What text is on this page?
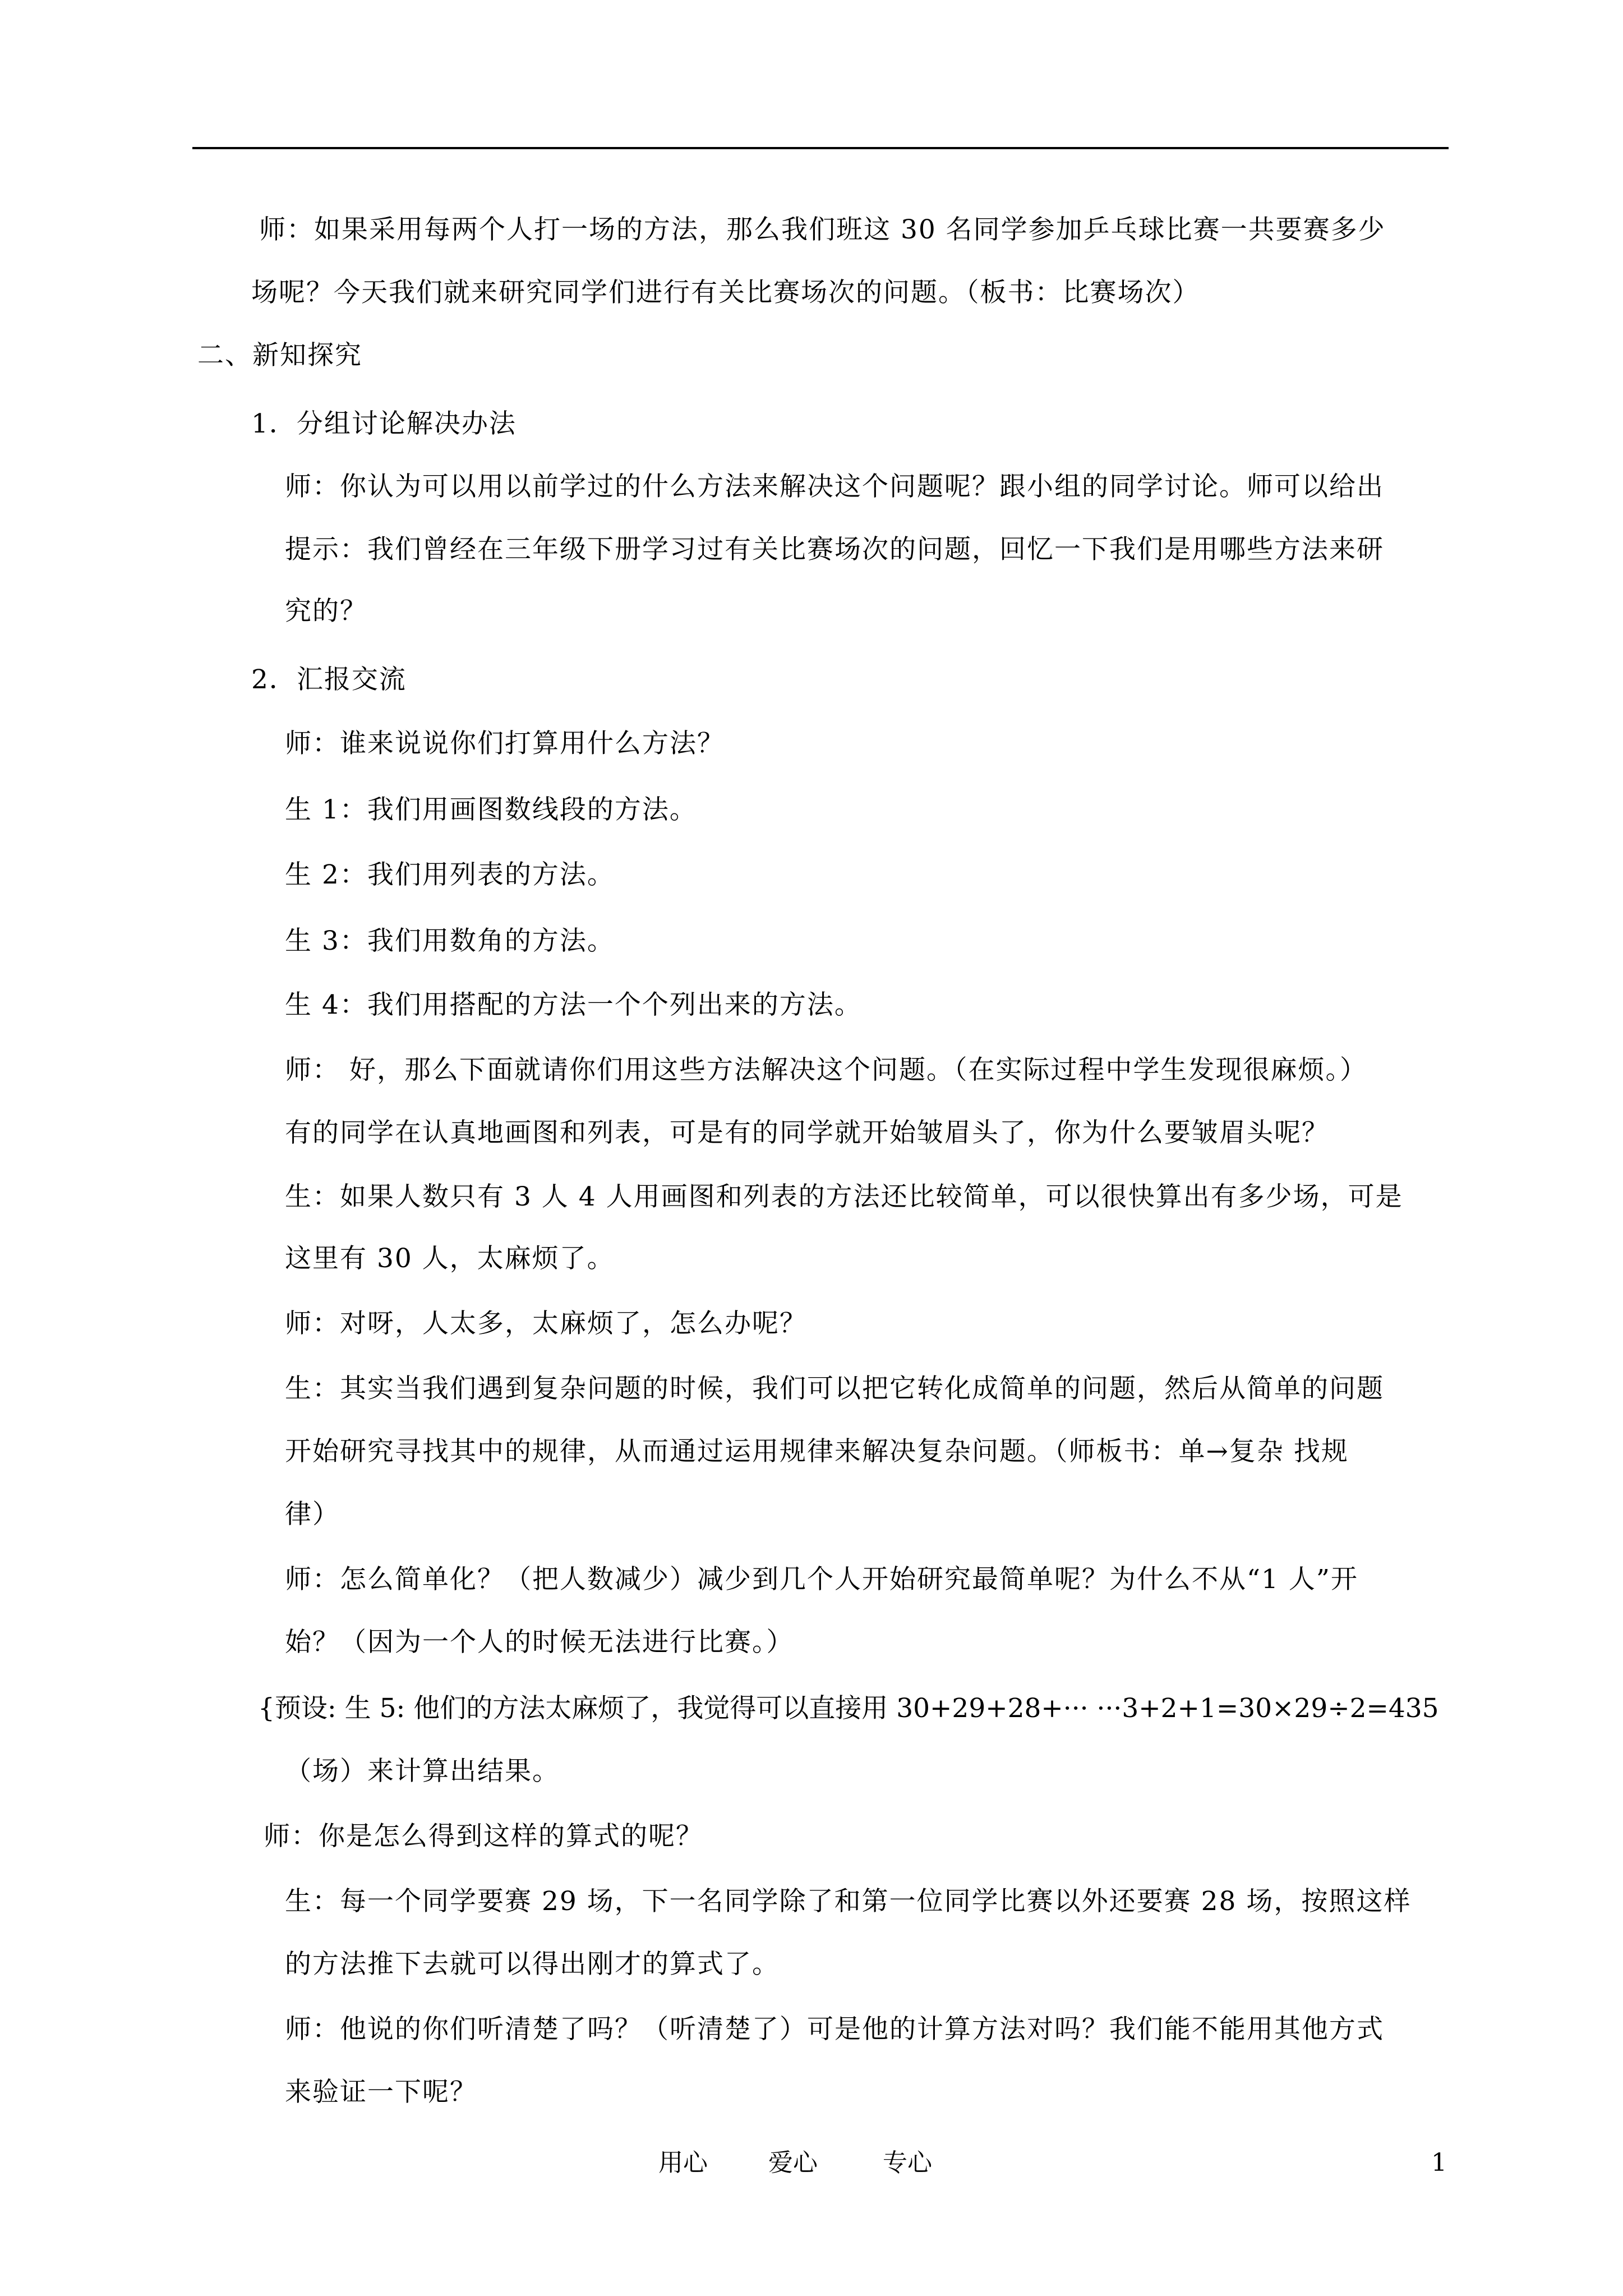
师：如果采用每两个人打一场的方法，那么我们班这 30 名同学参加乒乓球比赛一共要赛多少

场呢？今天我们就来研究同学们进行有关比赛场次的问题。（板书：比赛场次）

二、新知探究

1．分组讨论解决办法

师：你认为可以用以前学过的什么方法来解决这个问题呢？跟小组的同学讨论。师可以给出

提示：我们曾经在三年级下册学习过有关比赛场次的问题，回忆一下我们是用哪些方法来研

究的？

2．汇报交流

师：谁来说说你们打算用什么方法？

生 1：我们用画图数线段的方法。

生 2：我们用列表的方法。

生 3：我们用数角的方法。

生 4：我们用搭配的方法一个个列出来的方法。

师： 好，那么下面就请你们用这些方法解决这个问题。（在实际过程中学生发现很麻烦。）

有的同学在认真地画图和列表，可是有的同学就开始皱眉头了，你为什么要皱眉头呢？

生：如果人数只有 3 人 4 人用画图和列表的方法还比较简单，可以很快算出有多少场，可是

这里有 30 人，太麻烦了。

师：对呀，人太多，太麻烦了，怎么办呢？

生：其实当我们遇到复杂问题的时候，我们可以把它转化成简单的问题，然后从简单的问题

开始研究寻找其中的规律，从而通过运用规律来解决复杂问题。（师板书：单→复杂 找规

律）

师：怎么简单化？（把人数减少）减少到几个人开始研究最简单呢？为什么不从“1 人”开

始？（因为一个人的时候无法进行比赛。）

{预设: 生 5: 他们的方法太麻烦了，我觉得可以直接用 30+29+28+··· ···3+2+1=30×29÷2=435

（场）来计算出结果。

师：你是怎么得到这样的算式的呢？

生：每一个同学要赛 29 场，下一名同学除了和第一位同学比赛以外还要赛 28 场，按照这样

的方法推下去就可以得出刚才的算式了。

师：他说的你们听清楚了吗？（听清楚了）可是他的计算方法对吗？我们能不能用其他方式

来验证一下呢？

用心 爱心	专心	1
